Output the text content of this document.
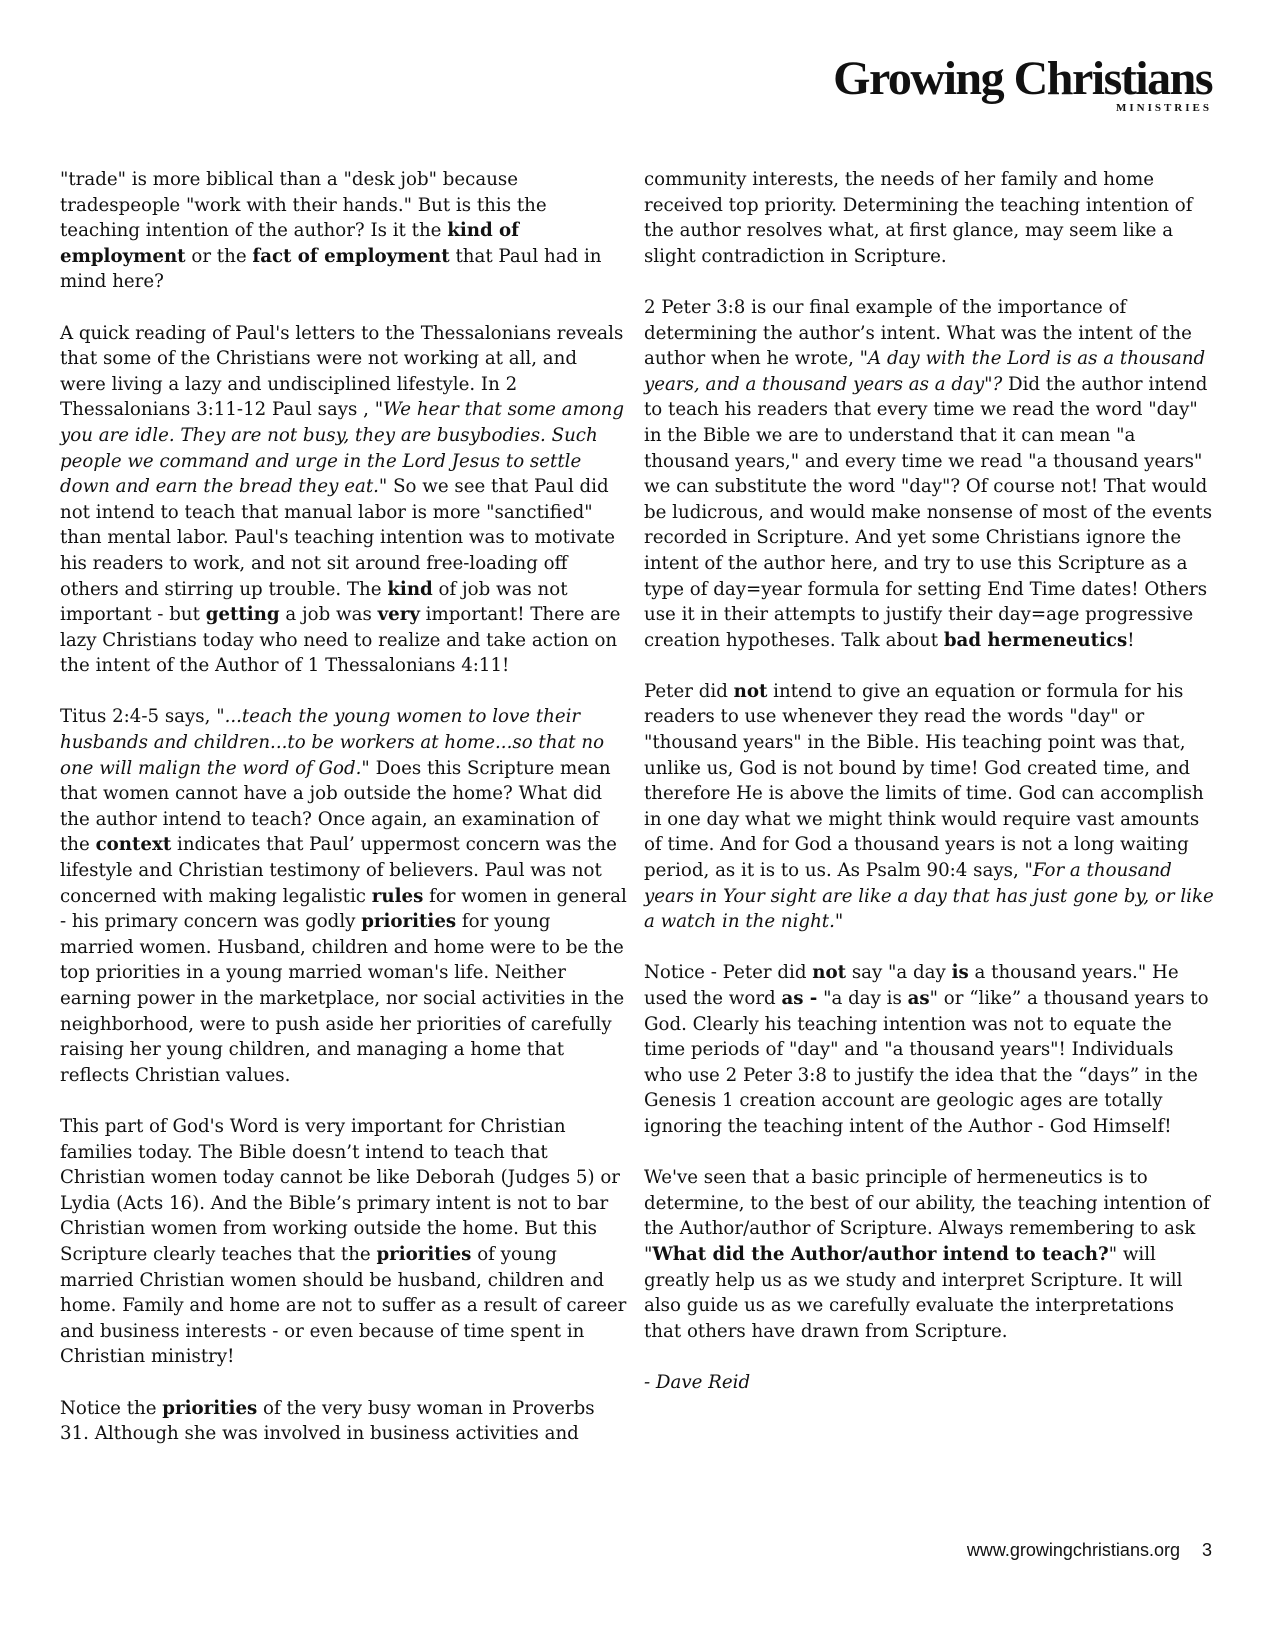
Growing Christians
MINISTRIES

"trade" is more biblical than a "desk job" because tradespeople "work with their hands." But is this the teaching intention of the author? Is it the kind of employment or the fact of employment that Paul had in mind here?

A quick reading of Paul's letters to the Thessalonians reveals that some of the Christians were not working at all, and were living a lazy and undisciplined lifestyle. In 2 Thessalonians 3:11-12 Paul says , "We hear that some among you are idle. They are not busy, they are busybodies. Such people we command and urge in the Lord Jesus to settle down and earn the bread they eat." So we see that Paul did not intend to teach that manual labor is more "sanctified" than mental labor. Paul's teaching intention was to motivate his readers to work, and not sit around free-loading off others and stirring up trouble. The kind of job was not important - but getting a job was very important! There are lazy Christians today who need to realize and take action on the intent of the Author of 1 Thessalonians 4:11!

Titus 2:4-5 says, "...teach the young women to love their husbands and children...to be workers at home...so that no one will malign the word of God." Does this Scripture mean that women cannot have a job outside the home? What did the author intend to teach? Once again, an examination of the context indicates that Paul’ uppermost concern was the lifestyle and Christian testimony of believers. Paul was not concerned with making legalistic rules for women in general - his primary concern was godly priorities for young married women. Husband, children and home were to be the top priorities in a young married woman's life. Neither earning power in the marketplace, nor social activities in the neighborhood, were to push aside her priorities of carefully raising her young children, and managing a home that reflects Christian values.

This part of God's Word is very important for Christian families today. The Bible doesn’t intend to teach that Christian women today cannot be like Deborah (Judges 5) or Lydia (Acts 16). And the Bible’s primary intent is not to bar Christian women from working outside the home. But this Scripture clearly teaches that the priorities of young married Christian women should be husband, children and home. Family and home are not to suffer as a result of career and business interests - or even because of time spent in Christian ministry!

Notice the priorities of the very busy woman in Proverbs 31. Although she was involved in business activities and

community interests, the needs of her family and home received top priority. Determining the teaching intention of the author resolves what, at first glance, may seem like a slight contradiction in Scripture.

2 Peter 3:8 is our final example of the importance of determining the author’s intent. What was the intent of the author when he wrote, "A day with the Lord is as a thousand years, and a thousand years as a day"? Did the author intend to teach his readers that every time we read the word "day" in the Bible we are to understand that it can mean "a thousand years," and every time we read "a thousand years" we can substitute the word "day"? Of course not! That would be ludicrous, and would make nonsense of most of the events recorded in Scripture. And yet some Christians ignore the intent of the author here, and try to use this Scripture as a type of day=year formula for setting End Time dates! Others use it in their attempts to justify their day=age progressive creation hypotheses. Talk about bad hermeneutics!

Peter did not intend to give an equation or formula for his readers to use whenever they read the words "day" or "thousand years" in the Bible. His teaching point was that, unlike us, God is not bound by time! God created time, and therefore He is above the limits of time. God can accomplish in one day what we might think would require vast amounts of time. And for God a thousand years is not a long waiting period, as it is to us. As Psalm 90:4 says, "For a thousand years in Your sight are like a day that has just gone by, or like a watch in the night."

Notice - Peter did not say "a day is a thousand years." He used the word as - "a day is as" or “like” a thousand years to God. Clearly his teaching intention was not to equate the time periods of "day" and "a thousand years"! Individuals who use 2 Peter 3:8 to justify the idea that the “days” in the Genesis 1 creation account are geologic ages are totally ignoring the teaching intent of the Author - God Himself!

We've seen that a basic principle of hermeneutics is to determine, to the best of our ability, the teaching intention of the Author/author of Scripture. Always remembering to ask "What did the Author/author intend to teach?" will greatly help us as we study and interpret Scripture. It will also guide us as we carefully evaluate the interpretations that others have drawn from Scripture.

- Dave Reid

www.growingchristians.org 3
